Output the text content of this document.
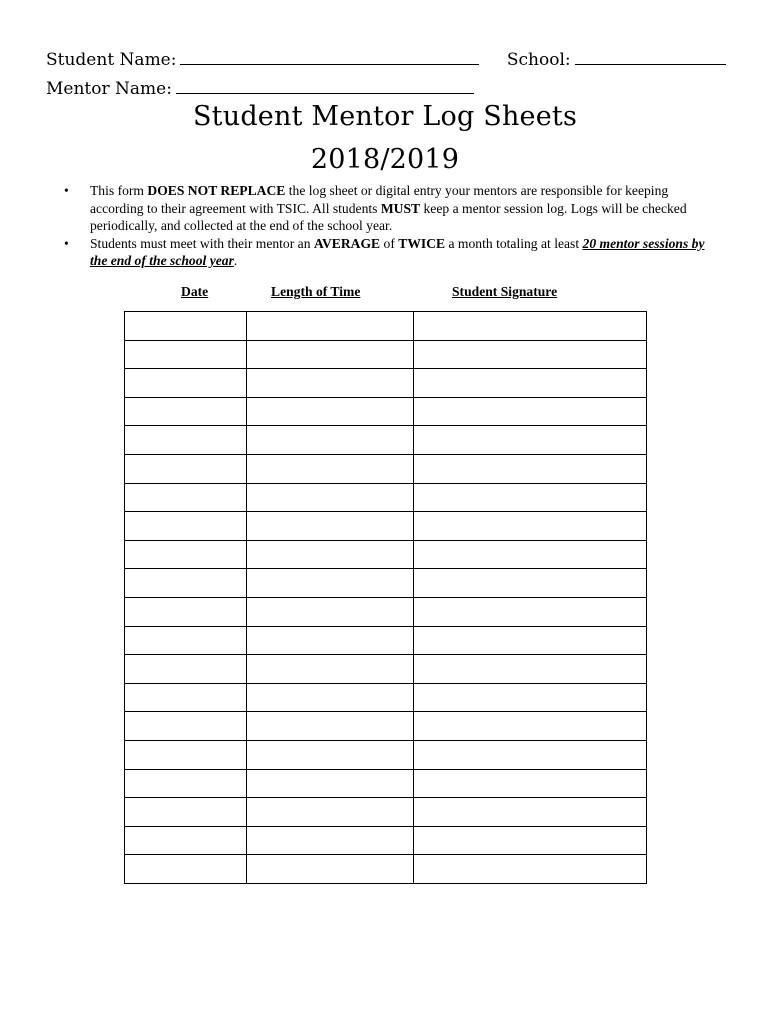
Student Name:	School:
Mentor Name:
Student Mentor Log Sheets
2018/2019
• This form DOES NOT REPLACE the log sheet or digital entry your mentors are responsible for keeping according to their agreement with TSIC. All students MUST keep a mentor session log. Logs will be checked periodically, and collected at the end of the school year.
• Students must meet with their mentor an AVERAGE of TWICE a month totaling at least 20 mentor sessions by the end of the school year.
Date	Length of Time	Student Signature
